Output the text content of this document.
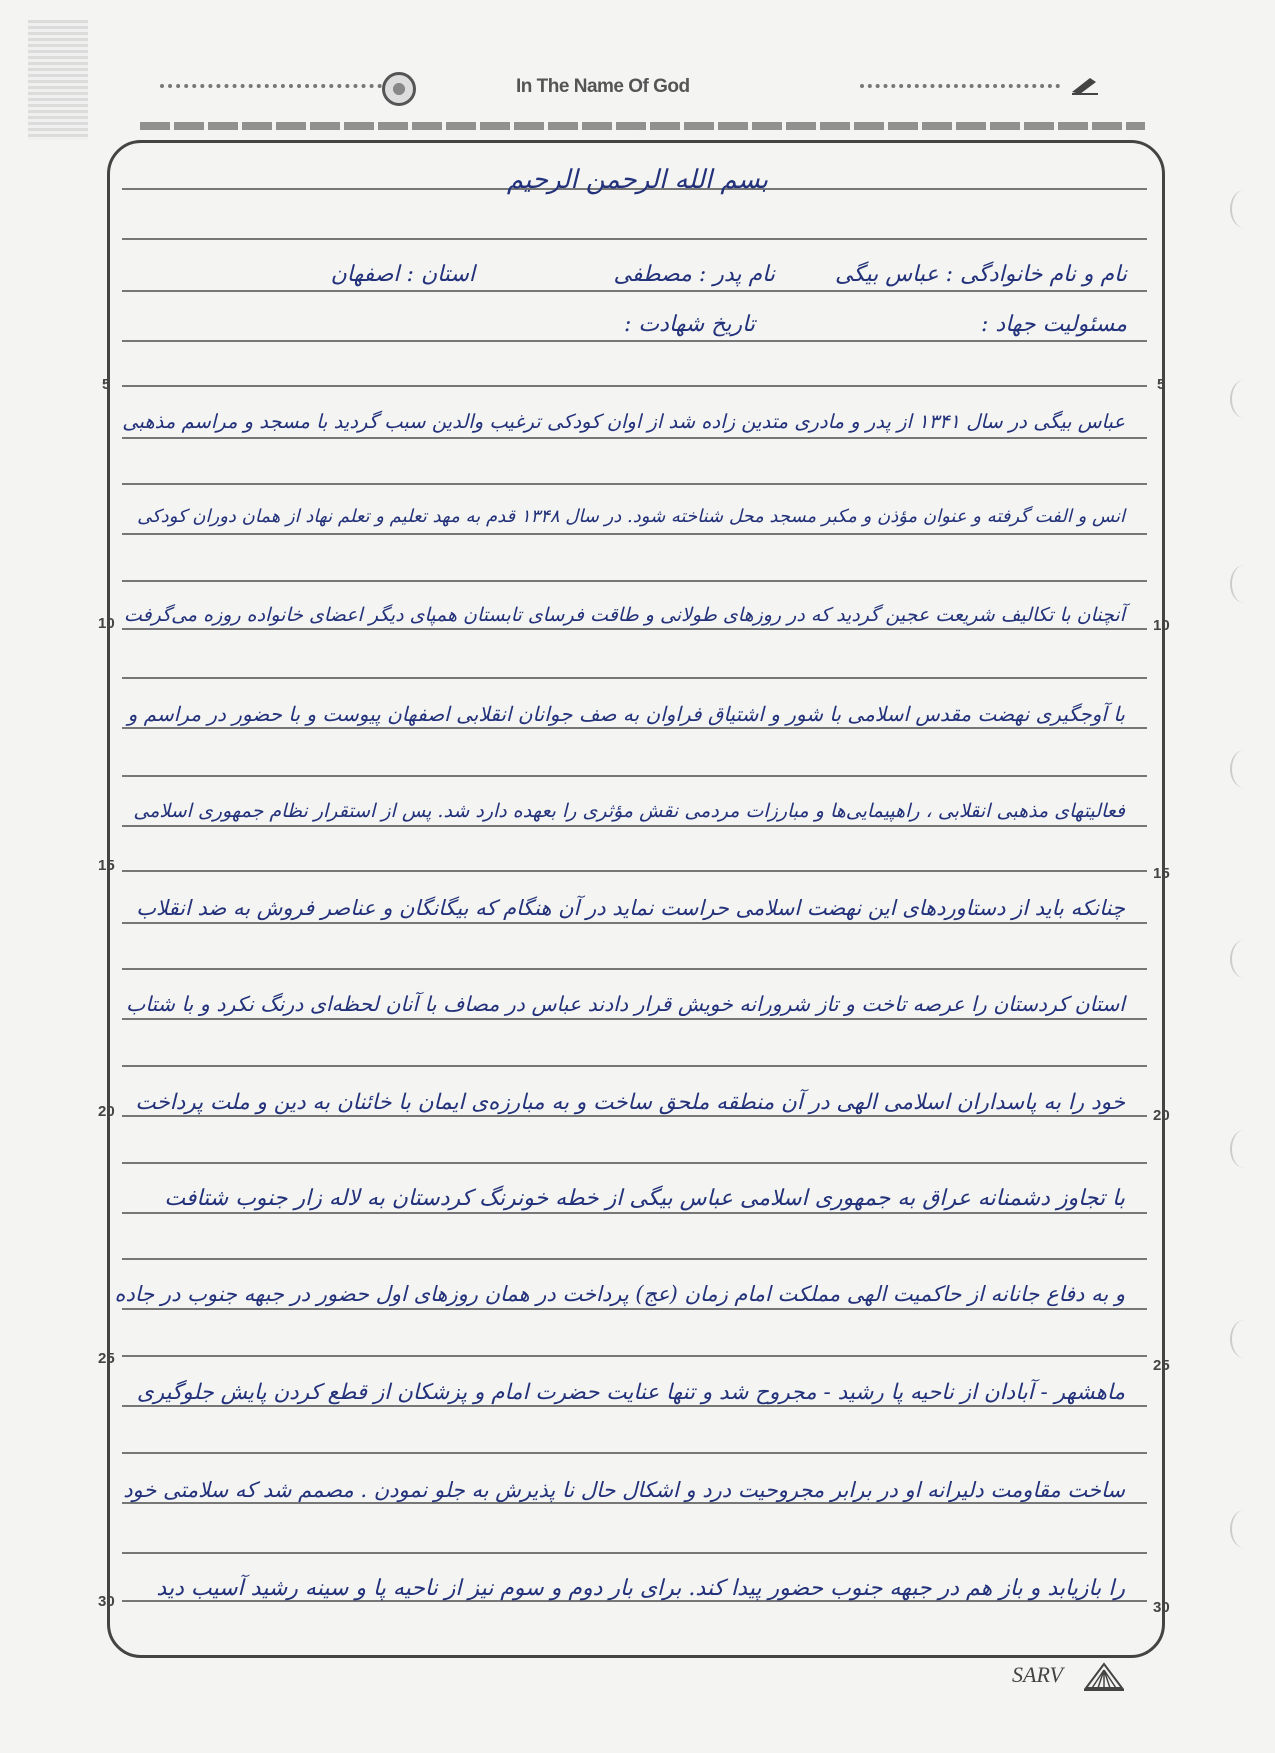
In The Name Of God
5	5
10	10
15	15
20	20
25	25
30	30
بسم الله الرحمن الرحیم
نام و نام خانوادگی : عباس بیگی
نام پدر : مصطفی
استان : اصفهان
مسئولیت جهاد :
تاریخ شهادت :
عباس بیگی در سال ۱۳۴۱ از پدر و مادری متدین زاده شد از اوان کودکی ترغیب والدین سبب گردید با مسجد و مراسم مذهبی
انس و الفت گرفته و عنوان مؤذن و مکبر مسجد محل شناخته شود. در سال ۱۳۴۸ قدم به مهد تعلیم و تعلم نهاد از همان دوران کودکی
آنچنان با تکالیف شریعت عجین گردید که در روزهای طولانی و طاقت فرسای تابستان همپای دیگر اعضای خانواده روزه می‌گرفت
با آوجگیری نهضت مقدس اسلامی با شور و اشتیاق فراوان به صف جوانان انقلابی اصفهان پیوست و با حضور در مراسم و
فعالیتهای مذهبی انقلابی ، راهپیمایی‌ها و مبارزات مردمی نقش مؤثری را بعهده دارد شد. پس از استقرار نظام جمهوری اسلامی
چنانکه باید از دستاوردهای این نهضت اسلامی حراست نماید در آن هنگام که بیگانگان و عناصر فروش به ضد انقلاب
استان کردستان را عرصه تاخت و تاز شرورانه خویش قرار دادند عباس در مصاف با آنان لحظه‌ای درنگ نکرد و با شتاب
خود را به پاسداران اسلامی الهی در آن منطقه ملحق ساخت و به مبارزه‌ی ایمان با خائنان به دین و ملت پرداخت
با تجاوز دشمنانه عراق به جمهوری اسلامی عباس بیگی از خطه خونرنگ کردستان به لاله زار جنوب شتافت
و به دفاع جانانه از حاکمیت الهی مملکت امام زمان (عج) پرداخت در همان روزهای اول حضور در جبهه جنوب در جاده
ماهشهر - آبادان از ناحیه پا رشید - مجروح شد و تنها عنایت حضرت امام و پزشکان از قطع کردن پایش جلوگیری
ساخت مقاومت دلیرانه او در برابر مجروحیت درد و اشکال حال نا پذیرش به جلو نمودن . مصمم شد که سلامتی خود
را بازیابد و باز هم در جبهه جنوب حضور پیدا کند. برای بار دوم و سوم نیز از ناحیه پا و سینه رشید آسیب دید
SARV
